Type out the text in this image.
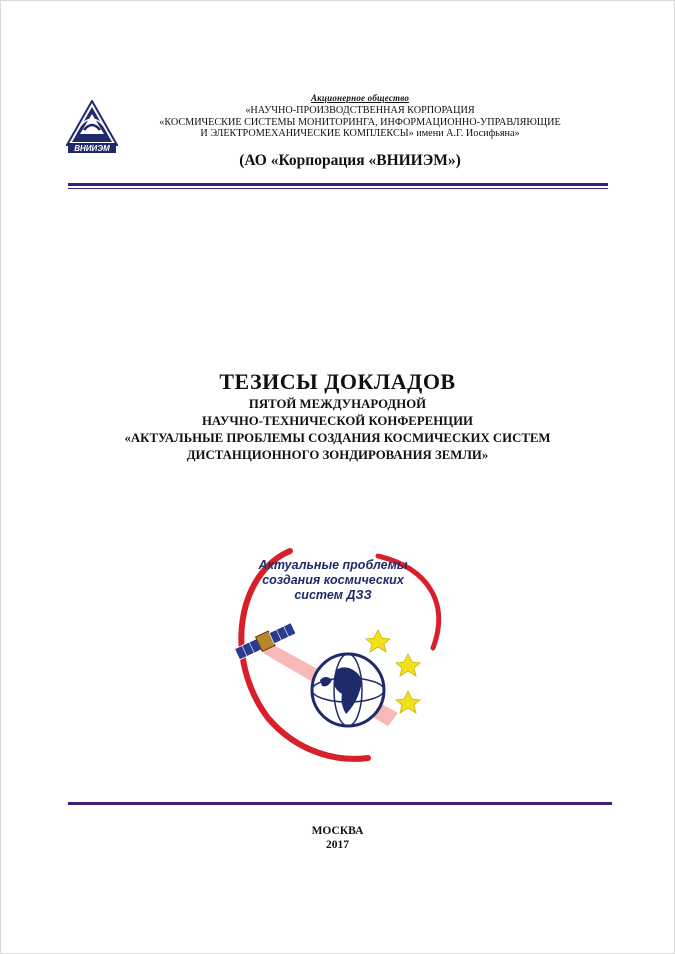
ВНИИЭМ
Акционерное общество
«НАУЧНО-ПРОИЗВОДСТВЕННАЯ КОРПОРАЦИЯ
«КОСМИЧЕСКИЕ СИСТЕМЫ МОНИТОРИНГА, ИНФОРМАЦИОННО-УПРАВЛЯЮЩИЕ
И ЭЛЕКТРОМЕХАНИЧЕСКИЕ КОМПЛЕКСЫ» имени А.Г. Иосифьяна»
(АО «Корпорация «ВНИИЭМ»)
ТЕЗИСЫ ДОКЛАДОВ
ПЯТОЙ МЕЖДУНАРОДНОЙ
НАУЧНО-ТЕХНИЧЕСКОЙ КОНФЕРЕНЦИИ
«АКТУАЛЬНЫЕ ПРОБЛЕМЫ СОЗДАНИЯ КОСМИЧЕСКИХ СИСТЕМ
ДИСТАНЦИОННОГО ЗОНДИРОВАНИЯ ЗЕМЛИ»
Актуальные проблемы
создания космических
систем ДЗЗ
МОСКВА
2017
